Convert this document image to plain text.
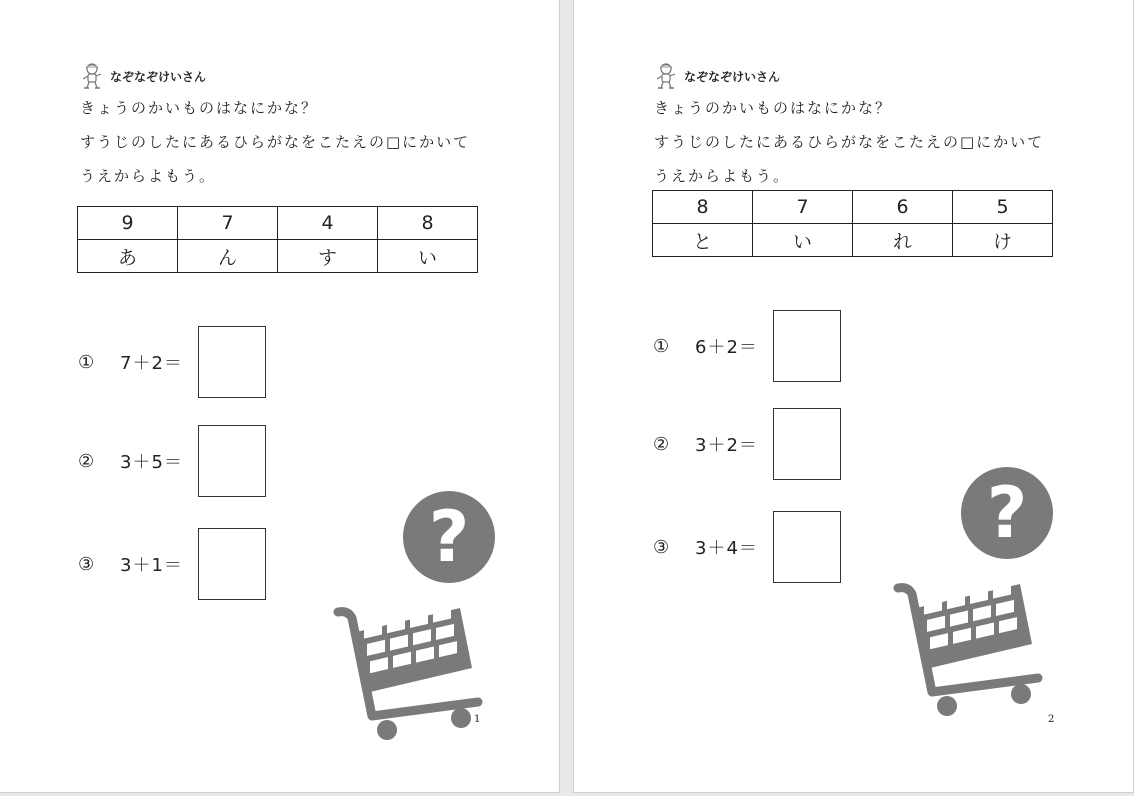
なぞなぞけいさん
きょうのかいものはなにかな？
すうじのしたにあるひらがなをこたえの□にかいて
うえからよもう。
9	7	4	8
あ	ん	す	い
①	7＋2＝
②	3＋5＝
③	3＋1＝	?
1
なぞなぞけいさん
きょうのかいものはなにかな？
すうじのしたにあるひらがなをこたえの□にかいて
うえからよもう。
8	7	6	5
と	い	れ	け
①	6＋2＝
②	3＋2＝
③	3＋4＝	?
2
